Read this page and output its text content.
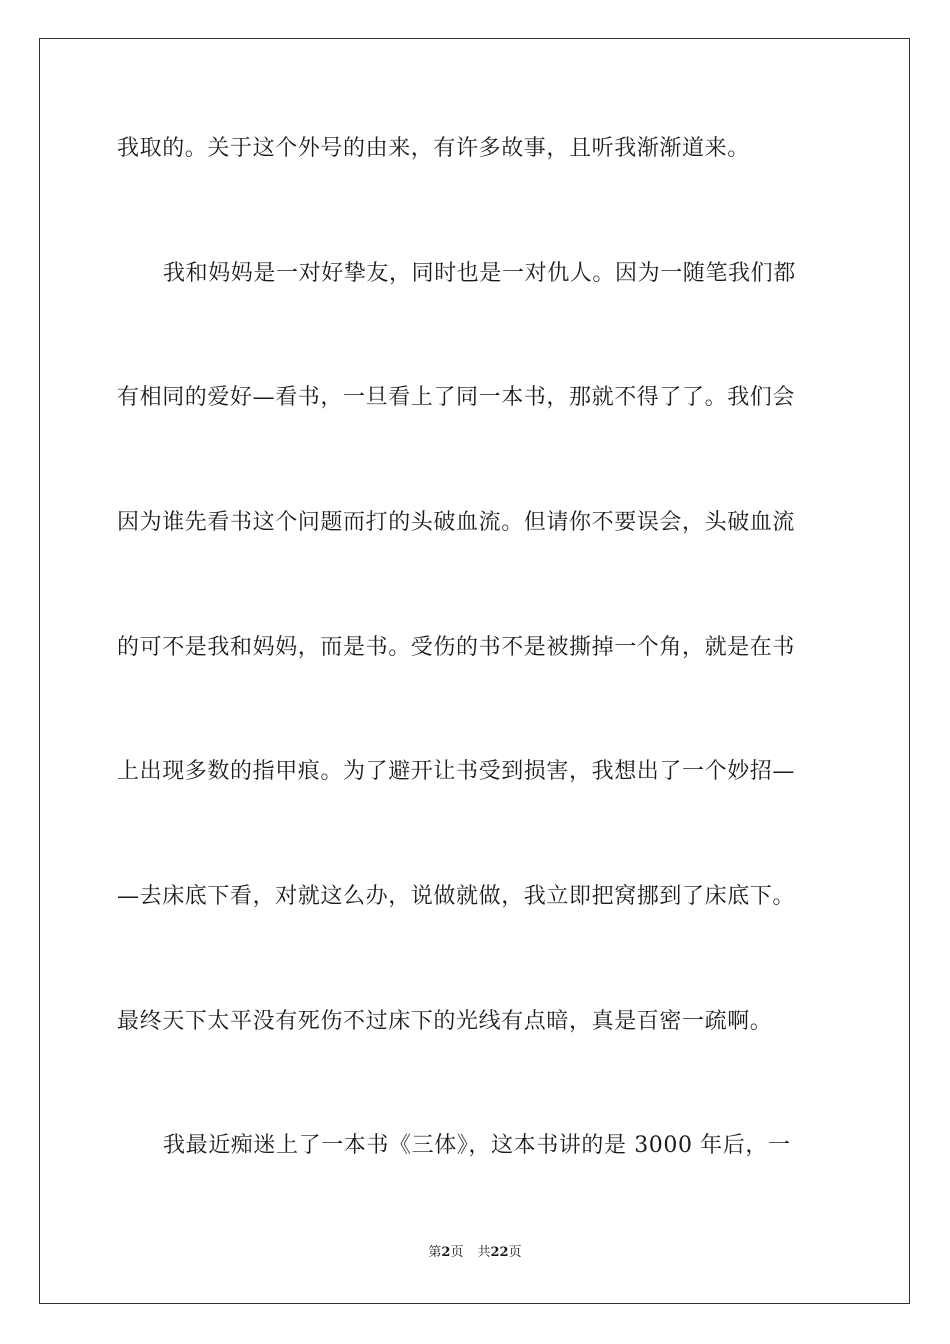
我取的。关于这个外号的由来，有许多故事，且听我渐渐道来。
我和妈妈是一对好挚友，同时也是一对仇人。因为一随笔我们都
有相同的爱好—看书，一旦看上了同一本书，那就不得了了。我们会
因为谁先看书这个问题而打的头破血流。但请你不要误会，头破血流
的可不是我和妈妈，而是书。受伤的书不是被撕掉一个角，就是在书
上出现多数的指甲痕。为了避开让书受到损害，我想出了一个妙招—
—去床底下看，对就这么办，说做就做，我立即把窝挪到了床底下。
最终天下太平没有死伤不过床下的光线有点暗，真是百密一疏啊。
我最近痴迷上了一本书《三体》，这本书讲的是 3000 年后，一
第2页 共22页
